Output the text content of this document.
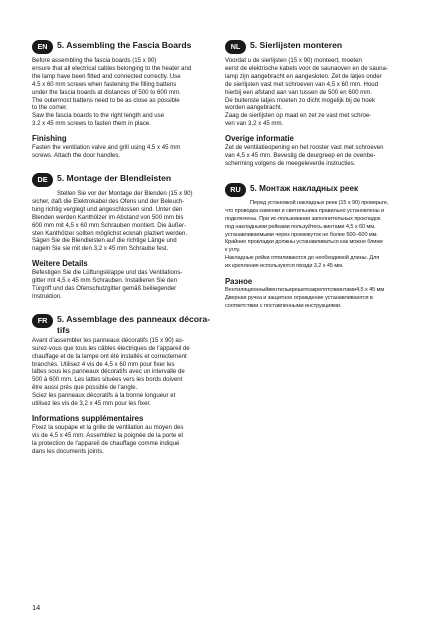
EN	5. Assembling the Fascia Boards
Before assembling the fascia boards (15 x 90)
ensure that all electrical cables belonging to the heater and
the lamp have been fitted and connected correctly. Use
4.5 x 60 mm screws when fastening the filling battens
under the fascia boards at distances of 500 to 600 mm.
The outermost battens need to be as close as possible
to the corner.
Saw the fascia boards to the right length and use
3.2 x 45 mm screws to fasten them in place.
Finishing
Fasten the ventilation valve and grill using 4.5 x 45 mm
screws. Attach the door handles.
DE	5. Montage der Blendleisten
Stellen Sie vor der Montage der Blenden (15 x 90)
sicher, daß die Elektrokabel des Ofens und der Beleuch-
tung richtig verglegt und angeschlossen sind. Unter den
Blenden werden Kanthölzer im Abstand von 500 mm bis
600 mm mit 4,5 x 60 mm Schrauben montiert. Die äußer-
sten Kanthölzer sollten möglichst ecknah plaziert werden.
Sägen Sie die Blendleisten auf die richtige Länge und
nageln Sie sie mit den 3,2 x 45 mm Schraube fest.
Weitere Details
Befestigen Sie die Lüftungsklappe und das Ventilations-
gitter mit 4,5 x 45 mm Schrauben. Installieren Sie den
Türgriff und das Ofenschutzgitter gemäß beiliegender
Instruktion.
FR	5. Assemblage des panneaux décora-
tifs
Avant d'assembler les panneaux décoratifs (15 x 90) as-
surez-vous que tous les câbles électriques de l'appareil de
chauffage et de la lampe ont été installés et correctement
branchés. Utilisez 4 vis de 4,5 x 60 mm pour fixer les
lattes sous les panneaux décoratifs avec un intervalle de
500 à 600 mm. Les lattes situées vers les bords doivent
être aussi près que possible de l'angle.
Sciez les panneaux décoratifs à la bonne longueur et
utilisez les vis de 3,2 x 45 mm pour les fixer.
Informations supplémentaires
Fixez la soupape et la grille de ventilation au moyen des
vis de 4,5 x 45 mm. Assemblez la poignée de la porte et
la protection de l'appareil de chauffage comme indiqué
dans les documents joints.
NL	5. Sierlijsten monteren
Voordat u de sierlijsten (15 x 90) monteert, moeten
eerst de elektrische kabels voor de saunaoven en de sauna-
lamp zijn aangebracht en aangesloten. Zet de latjes onder
de sierlijsten vast met schroeven van 4,5 x 60 mm. Houd
hierbij een afstand aan van tussen de 500 en 600 mm.
De buitenste latjes moeten zo dicht mogelijk bij de hoek
worden aangebracht.
Zaag de sierlijsten op maat en zet ze vast met schroe-
ven van 3,2 x 45 mm.
Overige informatie
Zet de ventilatieopening en het rooster vast met schroeven
van 4,5 x 45 mm. Bevestig de deurgreep en de ovenbe-
scherming volgens de meegeleverde instructies.
RU	5. Монтаж накладных реек
Перед установкой накладных реек (15 х 90) проверьте,
что проводка каменки и светильника правильно установлены и
подключены. При ис-пользовании заполнительных прокладок
под накладными рейками пользуйтесь винтами 4,5 х 60 мм,
устанавливаемыми через промежуток не более 500–600 мм.
Крайние прокладки должны устанавливаться как можно ближе
к углу.
Накладные рейки отпиливаются до необходимой длины. Для
их крепления используются гвозди 3,2 х 45 мм.
Разное
Вентиляционныйвентильирешеткакрепятсявинтами4,5 х 45 мм
Дверная ручка и защитное ограждение устанавливаются в
соответствии с поставленными инструкциями.
14
